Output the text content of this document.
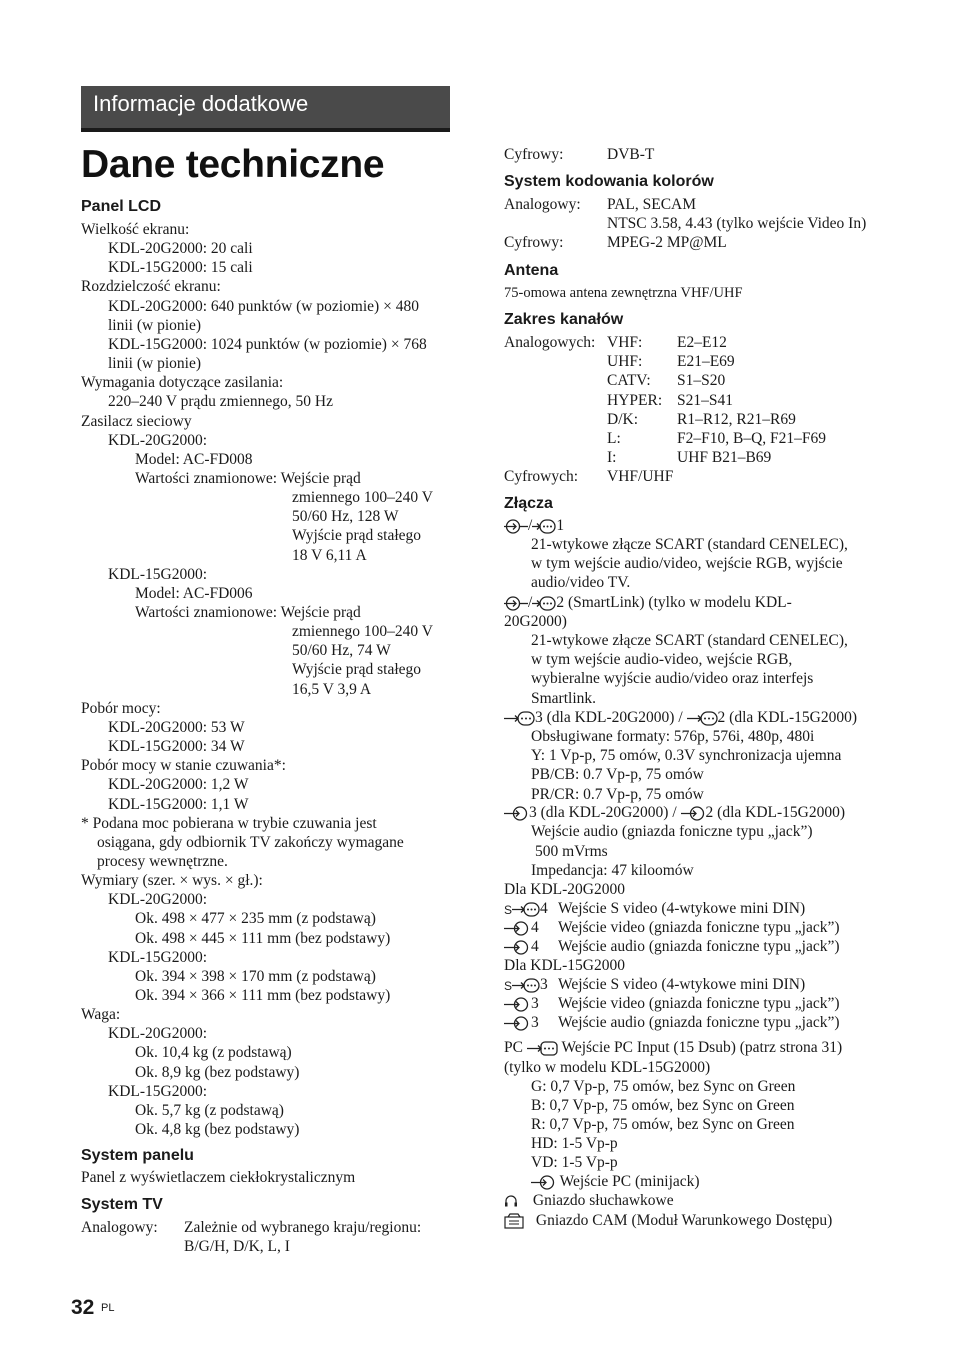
Informacje dodatkowe
Dane techniczne
Panel LCD
Wielkość ekranu:
KDL-20G2000: 20 cali
KDL-15G2000: 15 cali
Rozdzielczość ekranu:
KDL-20G2000: 640 punktów (w poziomie) × 480
linii (w pionie)
KDL-15G2000: 1024 punktów (w poziomie) × 768
linii (w pionie)
Wymagania dotyczące zasilania:
220–240 V prądu zmiennego, 50 Hz
Zasilacz sieciowy
KDL-20G2000:
Model: AC-FD008
Wartości znamionowe: Wejście prąd
zmiennego 100–240 V
50/60 Hz, 128 W
Wyjście prąd stałego
18 V 6,11 A
KDL-15G2000:
Model: AC-FD006
Wartości znamionowe: Wejście prąd
zmiennego 100–240 V
50/60 Hz, 74 W
Wyjście prąd stałego
16,5 V 3,9 A
Pobór mocy:
KDL-20G2000: 53 W
KDL-15G2000: 34 W
Pobór mocy w stanie czuwania*:
KDL-20G2000: 1,2 W
KDL-15G2000: 1,1 W
* Podana moc pobierana w trybie czuwania jest
osiągana, gdy odbiornik TV zakończy wymagane
procesy wewnętrzne.
Wymiary (szer. × wys. × gł.):
KDL-20G2000:
Ok. 498 × 477 × 235 mm (z podstawą)
Ok. 498 × 445 × 111 mm (bez podstawy)
KDL-15G2000:
Ok. 394 × 398 × 170 mm (z podstawą)
Ok. 394 × 366 × 111 mm (bez podstawy)
Waga:
KDL-20G2000:
Ok. 10,4 kg (z podstawą)
Ok. 8,9 kg (bez podstawy)
KDL-15G2000:
Ok. 5,7 kg (z podstawą)
Ok. 4,8 kg (bez podstawy)
System panelu
Panel z wyświetlaczem ciekłokrystalicznym
System TV
Analogowy: Zależnie od wybranego kraju/regionu:
B/G/H, D/K, L, I
Cyfrowy:	DVB-T
System kodowania kolorów
Analogowy: PAL, SECAM
NTSC 3.58, 4.43 (tylko wejście Video In)
Cyfrowy:	MPEG-2 MP@ML
Antena
75-omowa antena zewnętrzna VHF/UHF
Zakres kanałów
Analogowych: VHF: E2–E12
UHF: E21–E69
CATV: S1–S20
HYPER: S21–S41
D/K:	R1–R12, R21–R69
L:	F2–F10, B–Q, F21–F69
I:	UHF B21–B69
Cyfrowych: VHF/UHF
Złącza
/ 1
21-wtykowe złącze SCART (standard CENELEC),
w tym wejście audio/video, wejście RGB, wyjście
audio/video TV.
/ 2 (SmartLink) (tylko w modelu KDL-
20G2000)
21-wtykowe złącze SCART (standard CENELEC),
w tym wejście audio-video, wejście RGB,
wybieralne wyjście audio/video oraz interfejs
Smartlink.
3 (dla KDL-20G2000) / 2 (dla KDL-15G2000)
Obsługiwane formaty: 576p, 576i, 480p, 480i
Y: 1 Vp-p, 75 omów, 0.3V synchronizacja ujemna
PB/CB: 0.7 Vp-p, 75 omów
PR/CR: 0.7 Vp-p, 75 omów
3 (dla KDL-20G2000) / 2 (dla KDL-15G2000)
Wejście audio (gniazda foniczne typu „jack”)
500 mVrms
Impedancja: 47 kiloomów
Dla KDL-20G2000
S 4 Wejście S video (4-wtykowe mini DIN)
4 Wejście video (gniazda foniczne typu „jack”)
4 Wejście audio (gniazda foniczne typu „jack”)
Dla KDL-15G2000
S 3 Wejście S video (4-wtykowe mini DIN)
3 Wejście video (gniazda foniczne typu „jack”)
3 Wejście audio (gniazda foniczne typu „jack”)
PC Wejście PC Input (15 Dsub) (patrz strona 31)
(tylko w modelu KDL-15G2000)
G: 0,7 Vp-p, 75 omów, bez Sync on Green
B: 0,7 Vp-p, 75 omów, bez Sync on Green
R: 0,7 Vp-p, 75 omów, bez Sync on Green
HD: 1-5 Vp-p
VD: 1-5 Vp-p
Wejście PC (minijack)
Gniazdo słuchawkowe
Gniazdo CAM (Moduł Warunkowego Dostępu)
32 PL
